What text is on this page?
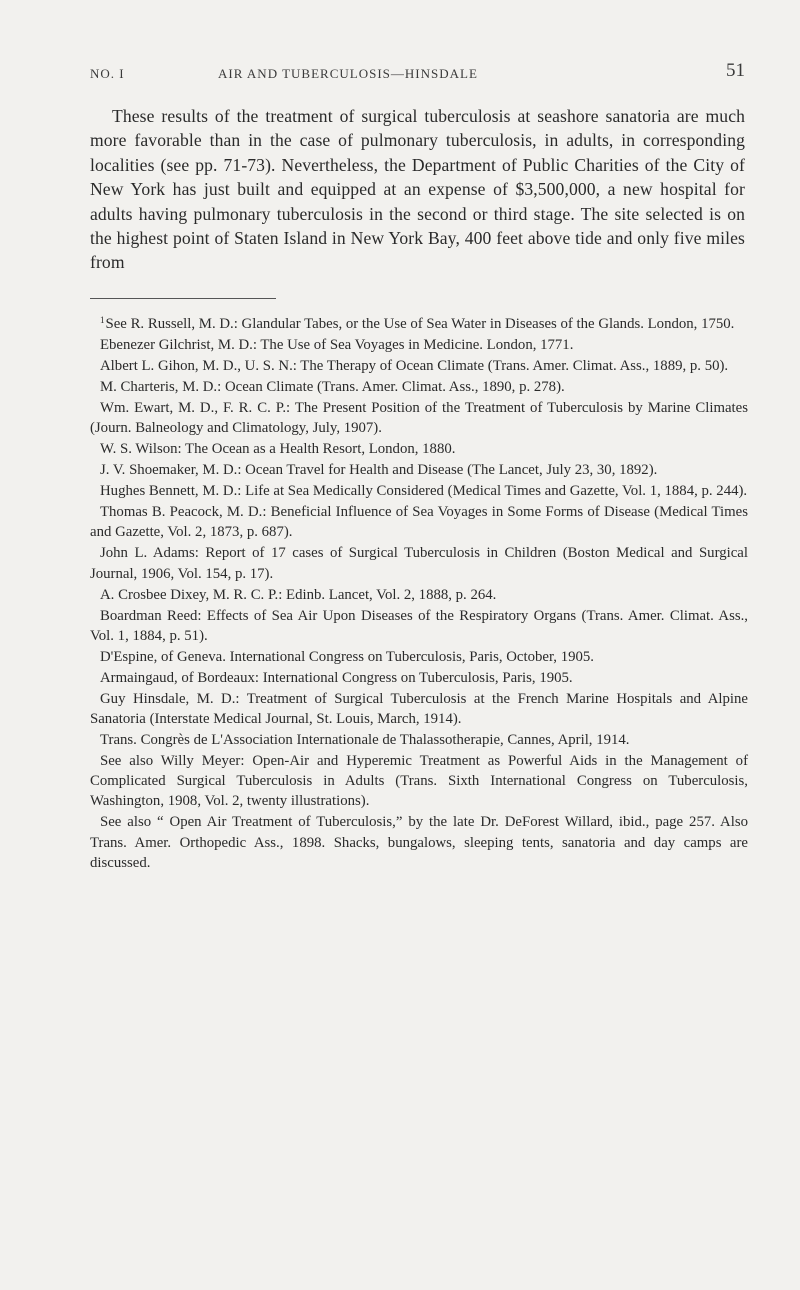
NO. I	AIR AND TUBERCULOSIS—HINSDALE	51

These results of the treatment of surgical tuberculosis at seashore sanatoria are much more favorable than in the case of pulmonary tuberculosis, in adults, in corresponding localities (see pp. 71-73). Nevertheless, the Department of Public Charities of the City of New York has just built and equipped at an expense of $3,500,000, a new hospital for adults having pulmonary tuberculosis in the second or third stage. The site selected is on the highest point of Staten Island in New York Bay, 400 feet above tide and only five miles from

$^1$See R. Russell, M. D.: Glandular Tabes, or the Use of Sea Water in Diseases of the Glands. London, 1750.

Ebenezer Gilchrist, M. D.: The Use of Sea Voyages in Medicine. London, 1771.

Albert L. Gihon, M. D., U. S. N.: The Therapy of Ocean Climate (Trans. Amer. Climat. Ass., 1889, p. 50).

M. Charteris, M. D.: Ocean Climate (Trans. Amer. Climat. Ass., 1890, p. 278).

Wm. Ewart, M. D., F. R. C. P.: The Present Position of the Treatment of Tuberculosis by Marine Climates (Journ. Balneology and Climatology, July, 1907).

W. S. Wilson: The Ocean as a Health Resort, London, 1880.

J. V. Shoemaker, M. D.: Ocean Travel for Health and Disease (The Lancet, July 23, 30, 1892).

Hughes Bennett, M. D.: Life at Sea Medically Considered (Medical Times and Gazette, Vol. 1, 1884, p. 244).

Thomas B. Peacock, M. D.: Beneficial Influence of Sea Voyages in Some Forms of Disease (Medical Times and Gazette, Vol. 2, 1873, p. 687).

John L. Adams: Report of 17 cases of Surgical Tuberculosis in Children (Boston Medical and Surgical Journal, 1906, Vol. 154, p. 17).

A. Crosbee Dixey, M. R. C. P.: Edinb. Lancet, Vol. 2, 1888, p. 264.

Boardman Reed: Effects of Sea Air Upon Diseases of the Respiratory Organs (Trans. Amer. Climat. Ass., Vol. 1, 1884, p. 51).

D'Espine, of Geneva. International Congress on Tuberculosis, Paris, October, 1905.

Armaingaud, of Bordeaux: International Congress on Tuberculosis, Paris, 1905.

Guy Hinsdale, M. D.: Treatment of Surgical Tuberculosis at the French Marine Hospitals and Alpine Sanatoria (Interstate Medical Journal, St. Louis, March, 1914).

Trans. Congrès de L'Association Internationale de Thalassotherapie, Cannes, April, 1914.

See also Willy Meyer: Open-Air and Hyperemic Treatment as Powerful Aids in the Management of Complicated Surgical Tuberculosis in Adults (Trans. Sixth International Congress on Tuberculosis, Washington, 1908, Vol. 2, twenty illustrations).

See also “ Open Air Treatment of Tuberculosis,” by the late Dr. DeForest Willard, ibid., page 257. Also Trans. Amer. Orthopedic Ass., 1898. Shacks, bungalows, sleeping tents, sanatoria and day camps are discussed.
